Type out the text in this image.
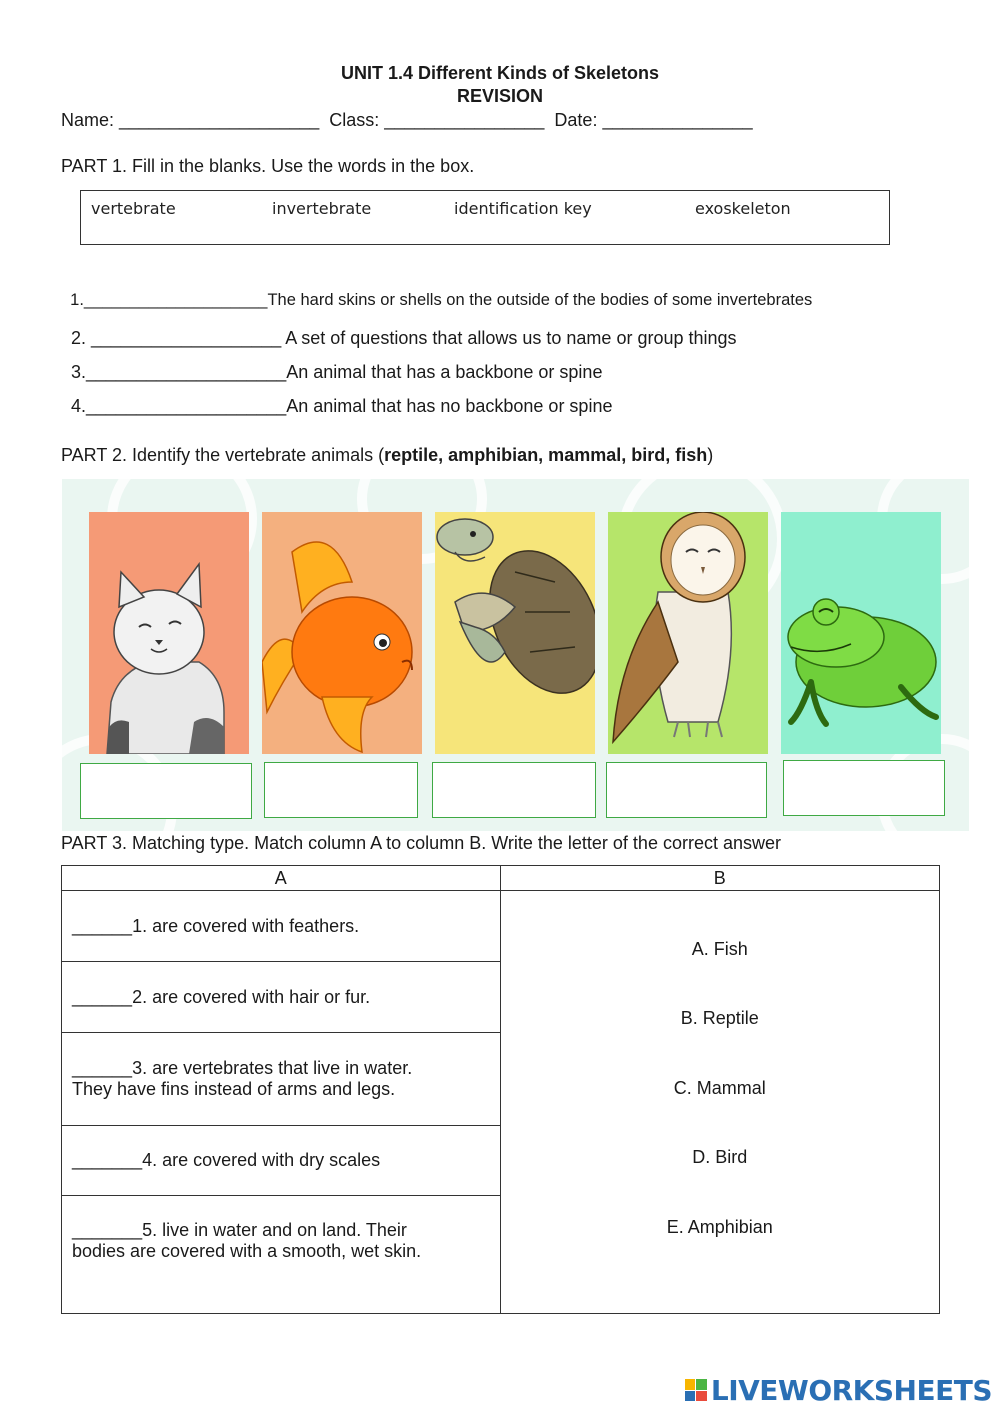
UNIT 1.4 Different Kinds of Skeletons
REVISION
Name: ____________________  Class: ________________  Date: _______________
PART 1. Fill in the blanks. Use the words in the box.
vertebrate	invertebrate	identification key	exoskeleton

1.____________________The hard skins or shells on the outside of the bodies of some invertebrates

2. ___________________ A set of questions that allows us to name or group things

3.____________________An animal that has a backbone or spine

4.____________________An animal that has no backbone or spine

PART 2. Identify the vertebrate animals (reptile, amphibian, mammal, bird, fish)
PART 3. Matching type. Match column A to column B. Write the letter of the correct answer
A	B

______1. are covered with feathers.	A. Fish
B. Reptile
C. Mammal
D. Bird
E. Amphibian

______2. are covered with hair or fur.	

______3. are vertebrates that live in water.
They have fins instead of arms and legs.	

_______4. are covered with dry scales	

_______5. live in water and on land. Their
bodies are covered with a smooth, wet skin.	
LIVEWORKSHEETS
